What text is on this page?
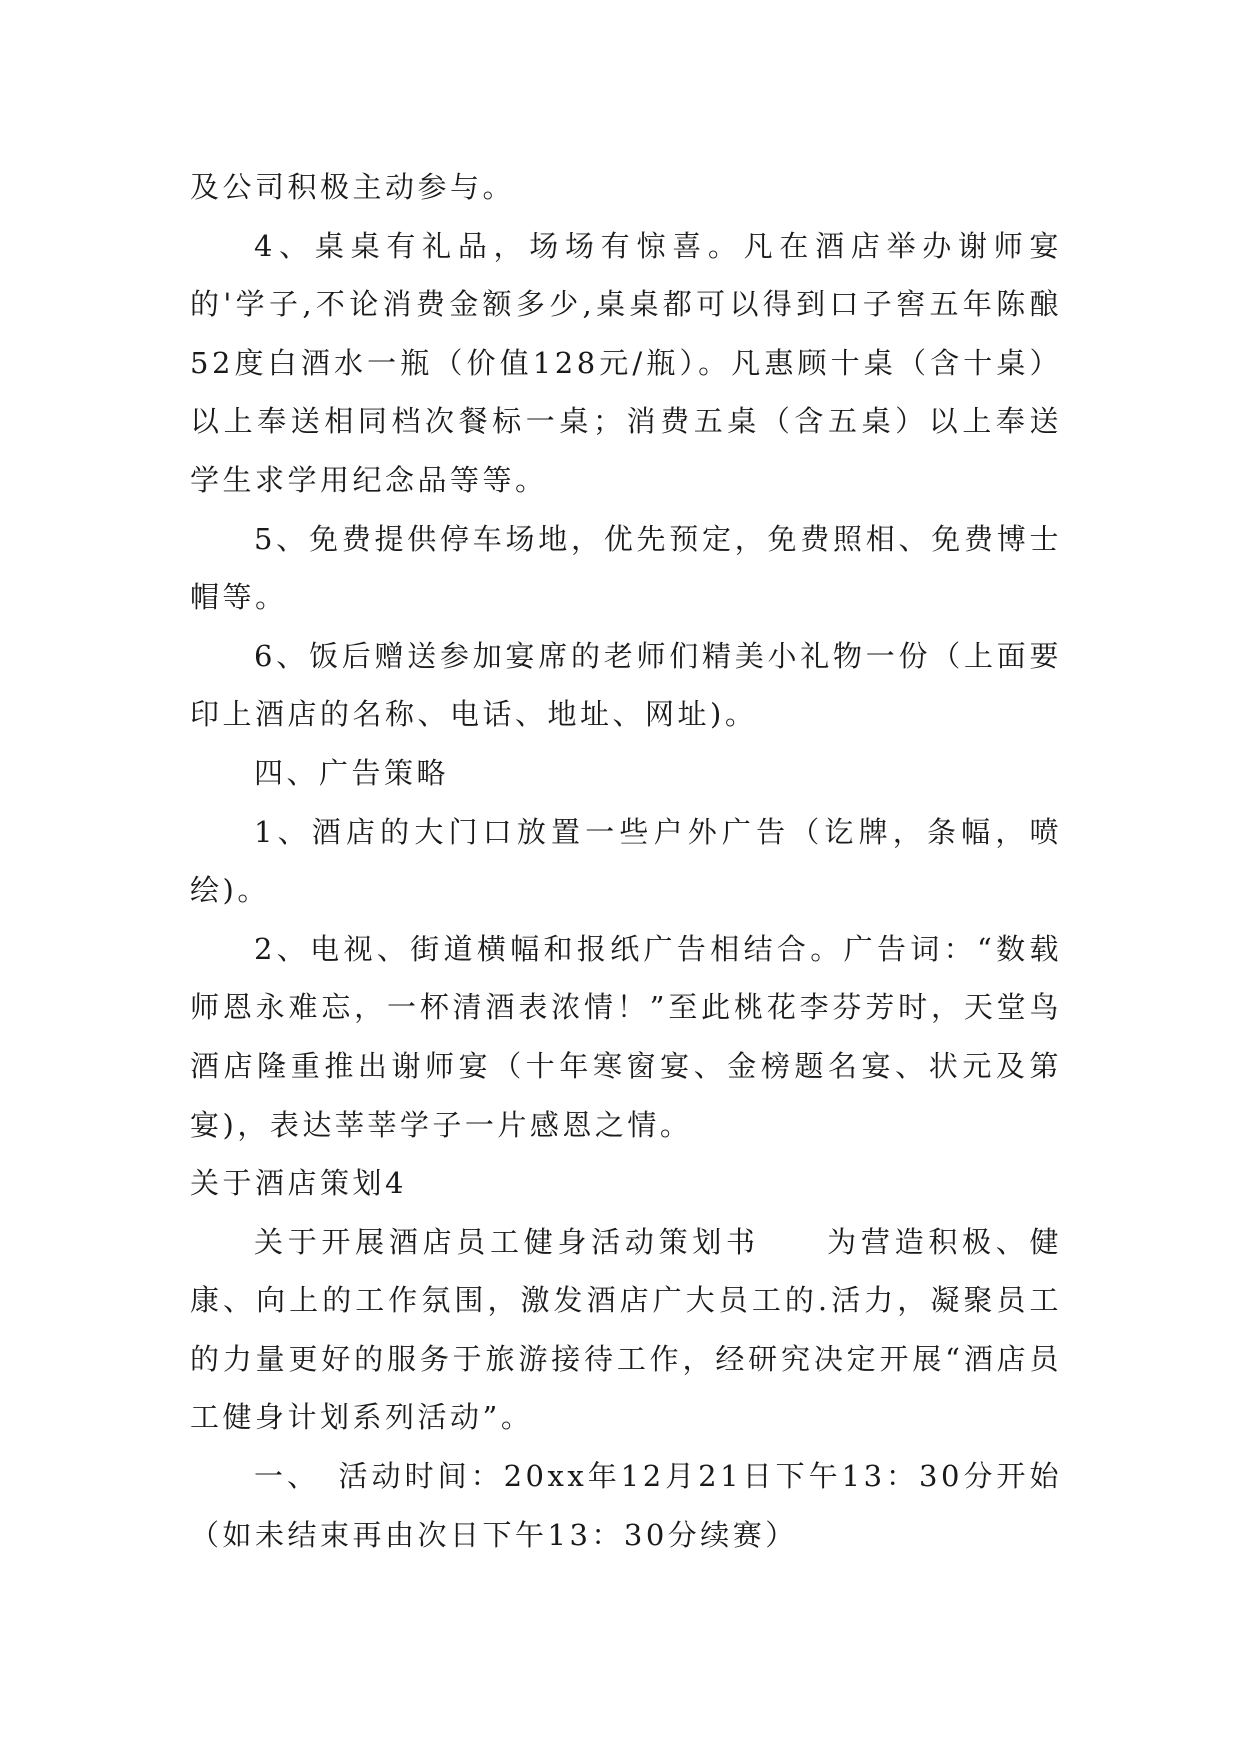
及公司积极主动参与。

4、桌桌有礼品，场场有惊喜。凡在酒店举办谢师宴的'学子,不论消费金额多少,桌桌都可以得到口子窖五年陈酿52度白酒水一瓶（价值128元/瓶）。凡惠顾十桌（含十桌）以上奉送相同档次餐标一桌；消费五桌（含五桌）以上奉送学生求学用纪念品等等。

5、免费提供停车场地，优先预定，免费照相、免费博士帽等。

6、饭后赠送参加宴席的老师们精美小礼物一份（上面要印上酒店的名称、电话、地址、网址)。

四、广告策略

1、酒店的大门口放置一些户外广告（讫牌，条幅，喷绘)。

2、电视、街道横幅和报纸广告相结合。广告词：“数载师恩永难忘，一杯清酒表浓情！”至此桃花李芬芳时，天堂鸟酒店隆重推出谢师宴（十年寒窗宴、金榜题名宴、状元及第宴)，表达莘莘学子一片感恩之情。

关于酒店策划4

关于开展酒店员工健身活动策划书　　为营造积极、健康、向上的工作氛围，激发酒店广大员工的.活力，凝聚员工的力量更好的服务于旅游接待工作，经研究决定开展“酒店员工健身计划系列活动”。

一、　活动时间：20xx年12月21日下午13：30分开始（如未结束再由次日下午13：30分续赛）
